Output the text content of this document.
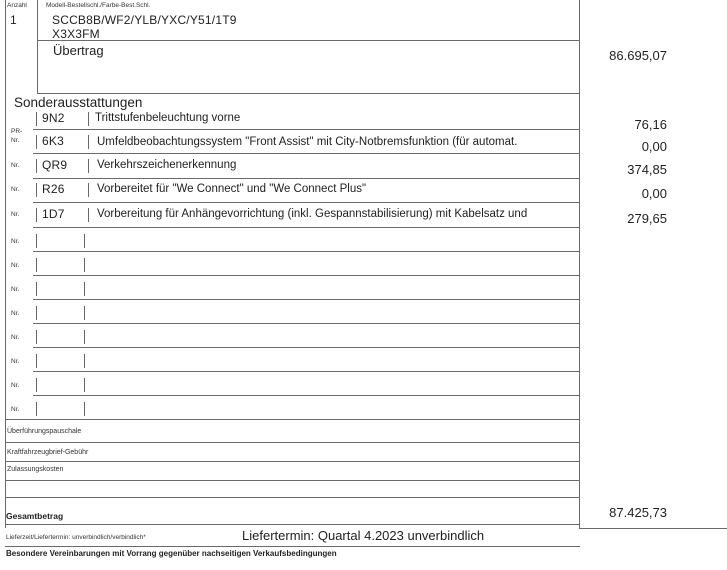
Anzahl	Modell-Bestellschl./Farbe-Best.Schl.
1	SCCB8B/WF2/YLB/YXC/Y51/1T9
X3X3FM
Übertrag	86.695,07
Sonderausstattungen
9N2	Trittstufenbeleuchtung vorne	76,16
PR-
Nr. 6K3	Umfeldbeobachtungssystem "Front Assist" mit City-Notbremsfunktion (für automat.	0,00
Nr. QR9	Verkehrszeichenerkennung	374,85
Nr. R26	Vorbereitet für "We Connect" und "We Connect Plus"	0,00
Nr. 1D7	Vorbereitung für Anhängevorrichtung (inkl. Gespannstabilisierung) mit Kabelsatz und	279,65
Nr.
Nr.
Nr.
Nr.
Nr.
Nr.
Nr.
Nr.
Überführungspauschale
Kraftfahrzeugbrief-Gebühr
Zulassungskosten
Gesamtbetrag	87.425,73
Lieferzeit/Liefertermin: unverbindlich/verbindlich*	Liefertermin: Quartal 4.2023 unverbindlich
Besondere Vereinbarungen mit Vorrang gegenüber nachseitigen Verkaufsbedingungen
